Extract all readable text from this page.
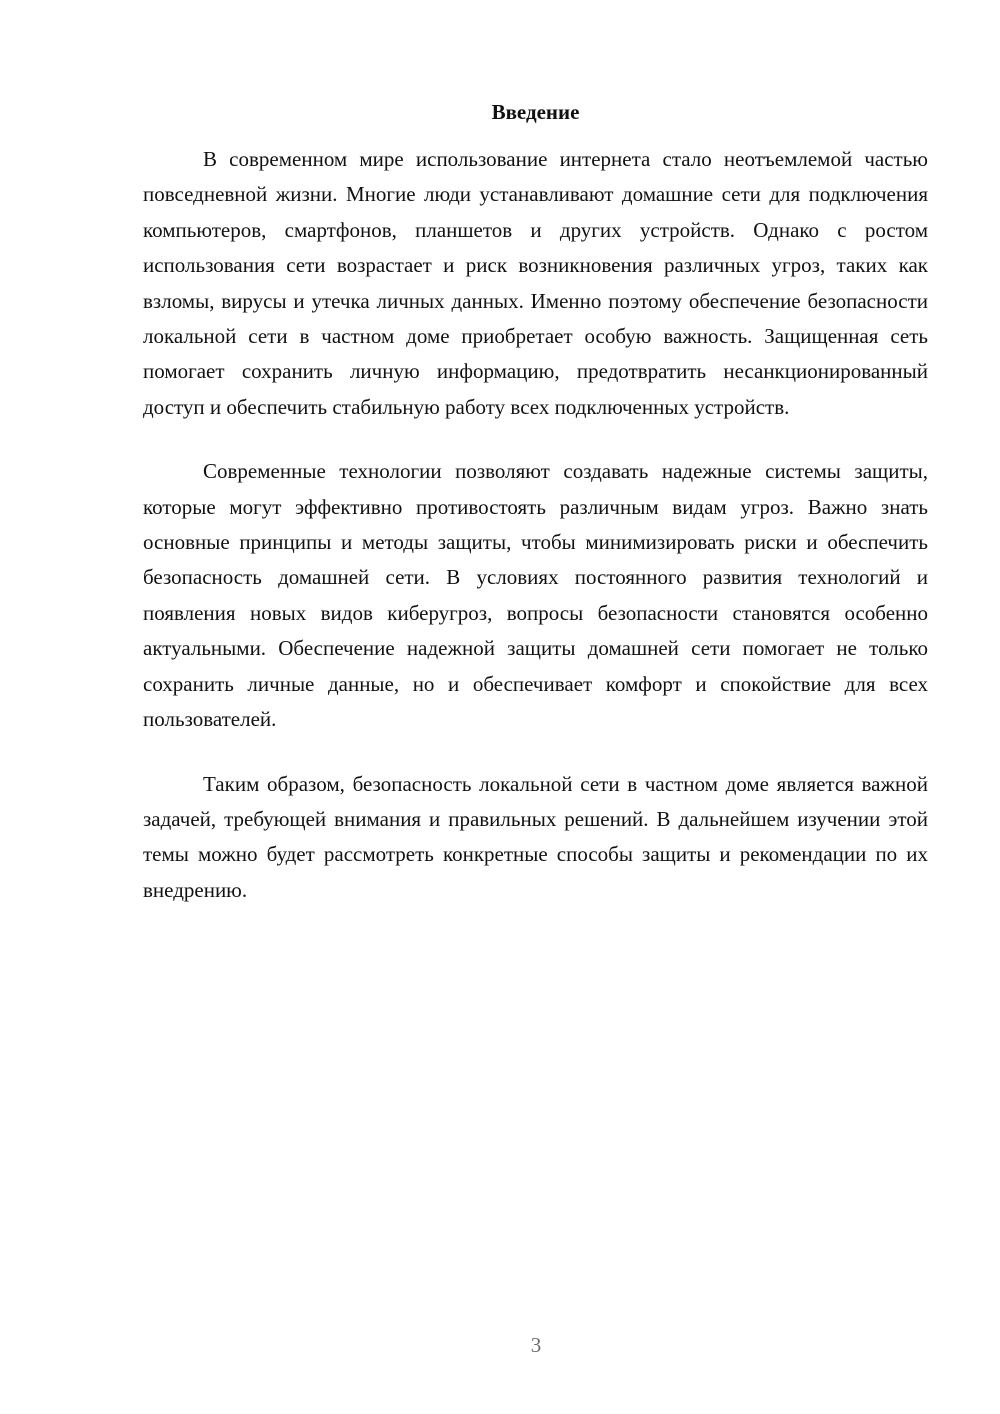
Введение

В современном мире использование интернета стало неотъемлемой частью повседневной жизни. Многие люди устанавливают домашние сети для подключения компьютеров, смартфонов, планшетов и других устройств. Однако с ростом использования сети возрастает и риск возникновения различных угроз, таких как взломы, вирусы и утечка личных данных. Именно поэтому обеспечение безопасности локальной сети в частном доме приобретает особую важность. Защищенная сеть помогает сохранить личную информацию, предотвратить несанкционированный доступ и обеспечить стабильную работу всех подключенных устройств.

Современные технологии позволяют создавать надежные системы защиты, которые могут эффективно противостоять различным видам угроз. Важно знать основные принципы и методы защиты, чтобы минимизировать риски и обеспечить безопасность домашней сети. В условиях постоянного развития технологий и появления новых видов киберугроз, вопросы безопасности становятся особенно актуальными. Обеспечение надежной защиты домашней сети помогает не только сохранить личные данные, но и обеспечивает комфорт и спокойствие для всех пользователей.

Таким образом, безопасность локальной сети в частном доме является важной задачей, требующей внимания и правильных решений. В дальнейшем изучении этой темы можно будет рассмотреть конкретные способы защиты и рекомендации по их внедрению.

3
